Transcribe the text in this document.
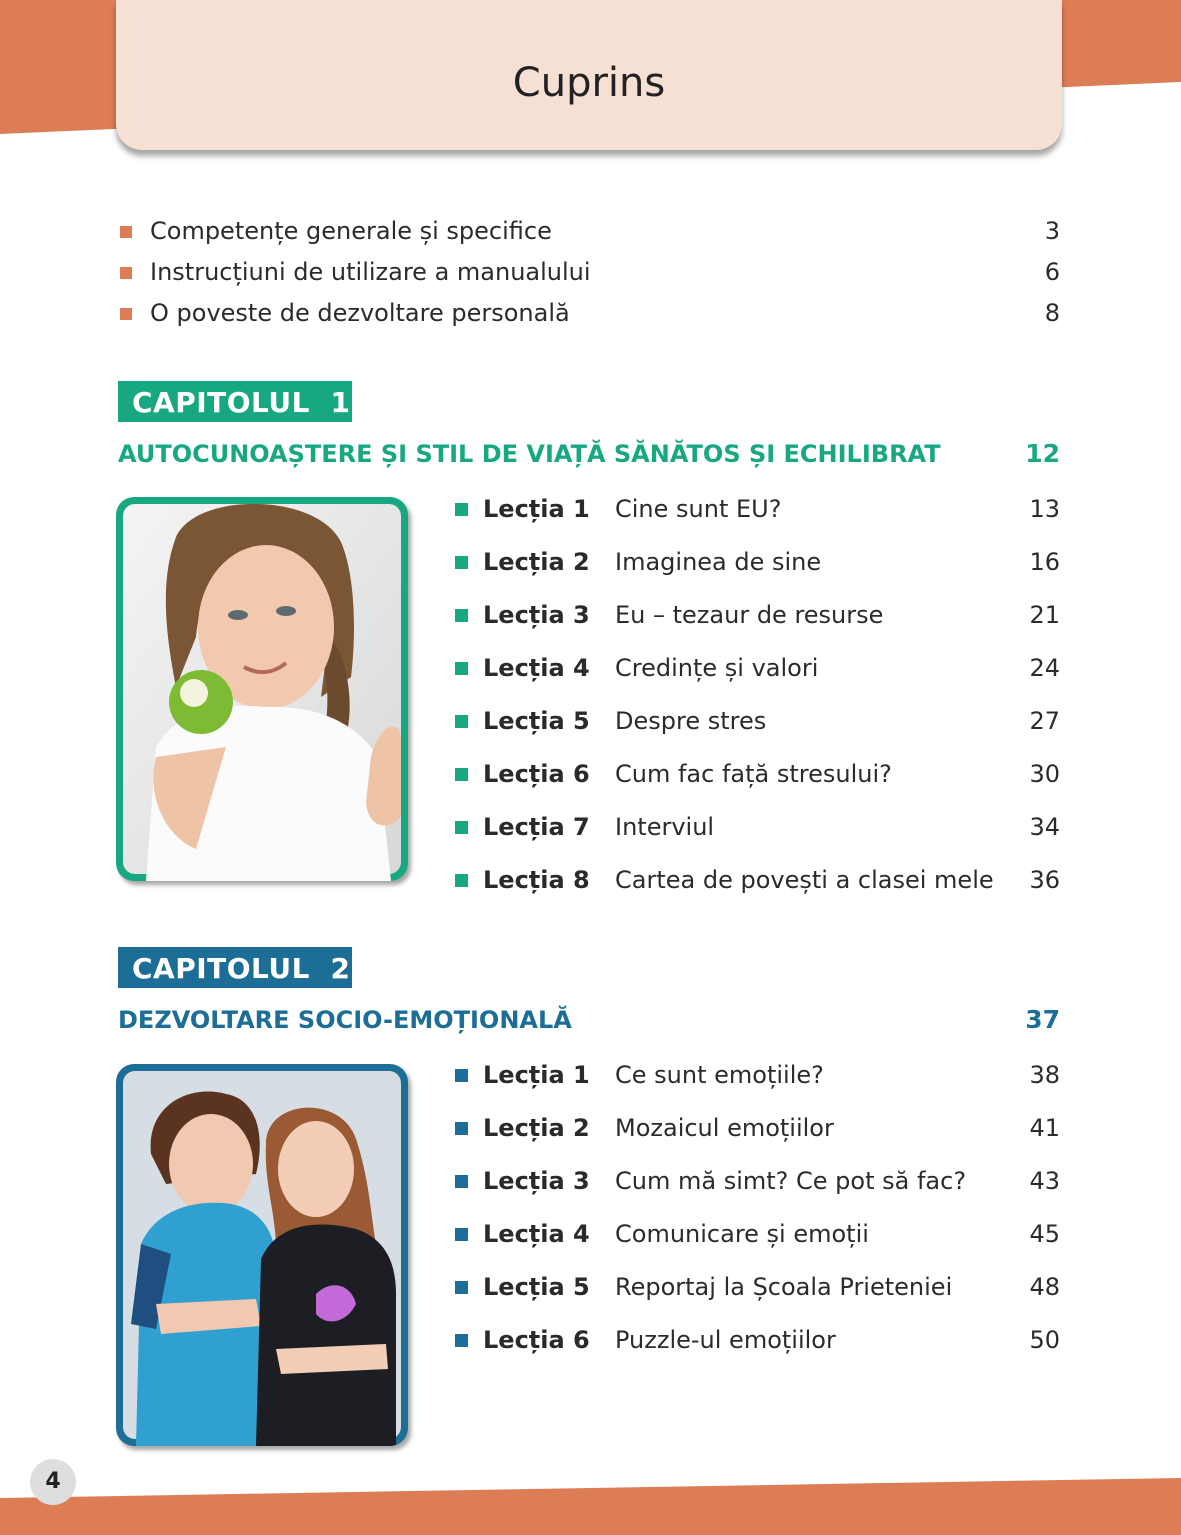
Cuprins
Competențe generale și specifice	3
Instrucțiuni de utilizare a manualului	6
O poveste de dezvoltare personală	8
CAPITOLUL  1
AUTOCUNOAȘTERE ȘI STIL DE VIAȚĂ SĂNĂTOS ȘI ECHILIBRAT	12
Lecția 1 Cine sunt EU?	13
Lecția 2 Imaginea de sine	16
Lecția 3 Eu – tezaur de resurse	21
Lecția 4 Credințe și valori	24
Lecția 5 Despre stres	27
Lecția 6 Cum fac față stresului?	30
Lecția 7 Interviul	34
Lecția 8 Cartea de povești a clasei mele 36
CAPITOLUL  2
DEZVOLTARE SOCIO-EMOȚIONALĂ	37
Lecția 1 Ce sunt emoțiile?	38
Lecția 2 Mozaicul emoțiilor	41
Lecția 3 Cum mă simt? Ce pot să fac?	43
Lecția 4 Comunicare și emoții	45
Lecția 5 Reportaj la Școala Prieteniei	48
Lecția 6 Puzzle-ul emoțiilor	50
4
